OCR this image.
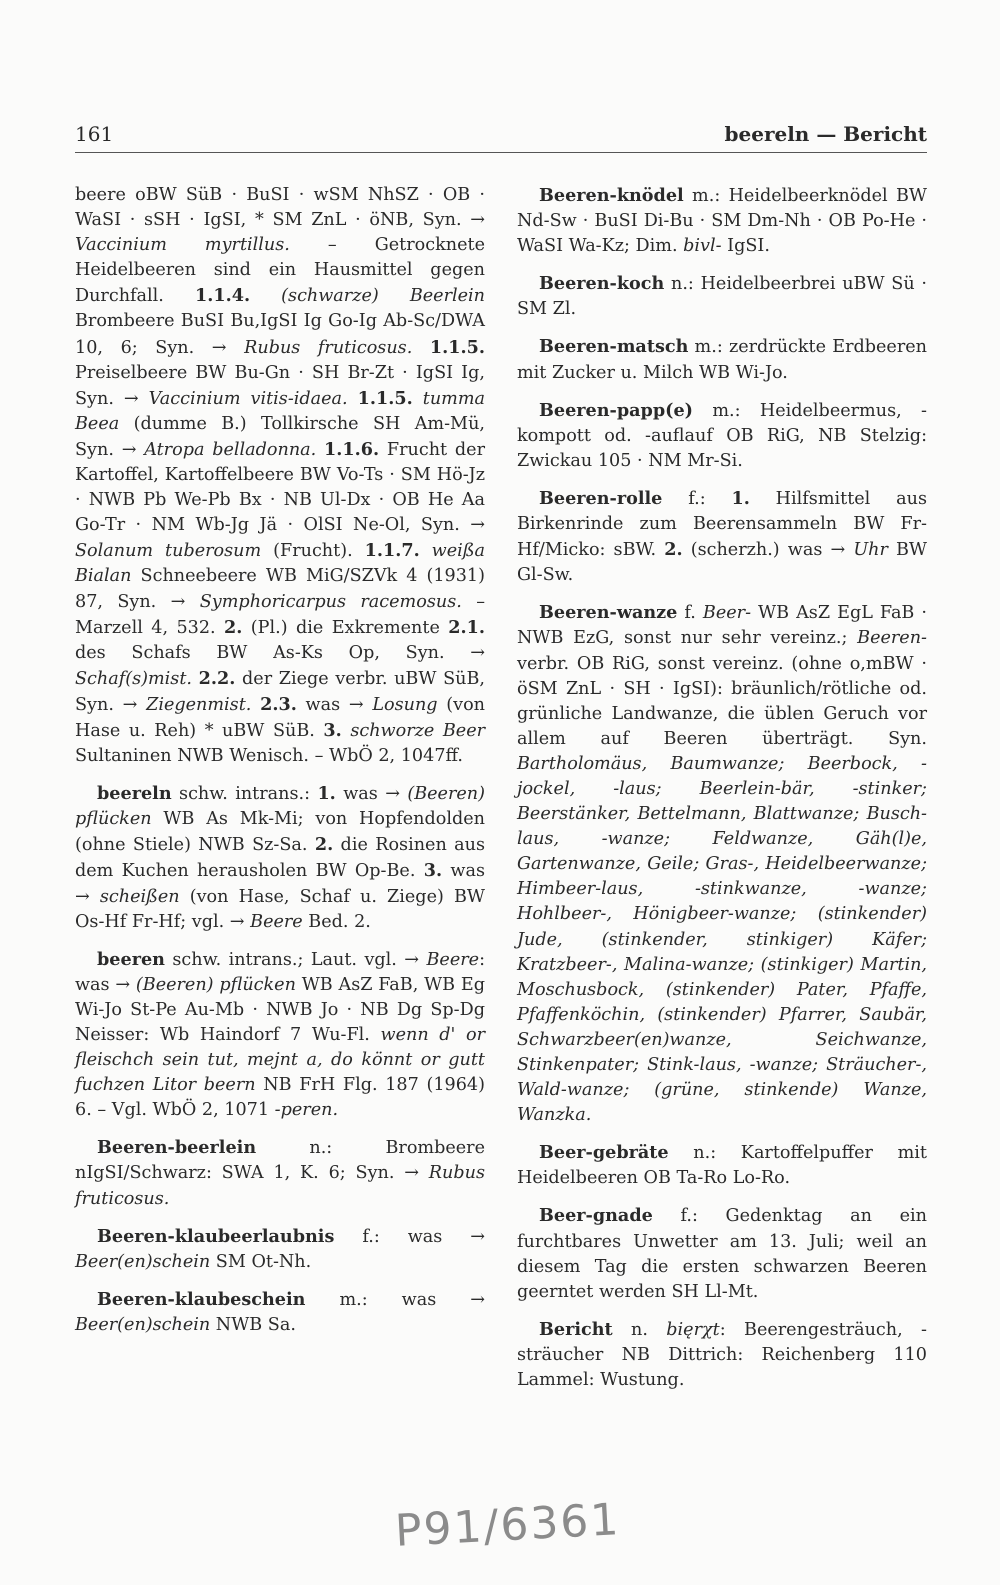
161	beereln — Bericht

beere oBW SüB · BuSI · wSM NhSZ · OB · WaSI · sSH · IgSI, * SM ZnL · öNB, Syn. → Vaccinium myrtillus. – Getrocknete Heidelbeeren sind ein Hausmittel gegen Durchfall. 1.1.4. (schwarze) Beerlein Brombeere BuSI Bu,IgSI Ig Go-Ig Ab-Sc/DWA 10, 6; Syn. → Rubus fruticosus. 1.1.5. Preiselbeere BW Bu-Gn · SH Br-Zt · IgSI Ig, Syn. → Vaccinium vitis-idaea. 1.1.5. tumma Beea (dumme B.) Tollkirsche SH Am-Mü, Syn. → Atropa belladonna. 1.1.6. Frucht der Kartoffel, Kartoffelbeere BW Vo-Ts · SM Hö-Jz · NWB Pb We-Pb Bx · NB Ul-Dx · OB He Aa Go-Tr · NM Wb-Jg Jä · OlSI Ne-Ol, Syn. → Solanum tuberosum (Frucht). 1.1.7. weißa Bialan Schneebeere WB MiG/SZVk 4 (1931) 87, Syn. → Symphoricarpus racemosus. – Marzell 4, 532. 2. (Pl.) die Exkremente 2.1. des Schafs BW As-Ks Op, Syn. → Schaf(s)mist. 2.2. der Ziege verbr. uBW SüB, Syn. → Ziegenmist. 2.3. was → Losung (von Hase u. Reh) * uBW SüB. 3. schworze Beer Sultaninen NWB Wenisch. – WbÖ 2, 1047ff.

beereln schw. intrans.: 1. was → (Beeren) pflücken WB As Mk-Mi; von Hopfendolden (ohne Stiele) NWB Sz-Sa. 2. die Rosinen aus dem Kuchen herausholen BW Op-Be. 3. was → scheißen (von Hase, Schaf u. Ziege) BW Os-Hf Fr-Hf; vgl. → Beere Bed. 2.

beeren schw. intrans.; Laut. vgl. → Beere: was → (Beeren) pflücken WB AsZ FaB, WB Eg Wi-Jo St-Pe Au-Mb · NWB Jo · NB Dg Sp-Dg Neisser: Wb Haindorf 7 Wu-Fl. wenn d' or fleischch sein tut, mejnt a, do könnt or gutt fuchzen Litor beern NB FrH Flg. 187 (1964) 6. – Vgl. WbÖ 2, 1071 -peren.

Beeren-beerlein n.: Brombeere nIgSI/Schwarz: SWA 1, K. 6; Syn. → Rubus fruticosus.

Beeren-klaubeerlaubnis f.: was → Beer(en)schein SM Ot-Nh.

Beeren-klaubeschein m.: was → Beer(en)schein NWB Sa.

Beeren-knödel m.: Heidelbeerknödel BW Nd-Sw · BuSI Di-Bu · SM Dm-Nh · OB Po-He · WaSI Wa-Kz; Dim. bivl- IgSI.

Beeren-koch n.: Heidelbeerbrei uBW Sü · SM Zl.

Beeren-matsch m.: zerdrückte Erdbeeren mit Zucker u. Milch WB Wi-Jo.

Beeren-papp(e) m.: Heidelbeermus, -kompott od. -auflauf OB RiG, NB Stelzig: Zwickau 105 · NM Mr-Si.

Beeren-rolle f.: 1. Hilfsmittel aus Birkenrinde zum Beerensammeln BW Fr-Hf/Micko: sBW. 2. (scherzh.) was → Uhr BW Gl-Sw.

Beeren-wanze f. Beer- WB AsZ EgL FaB · NWB EzG, sonst nur sehr vereinz.; Beeren- verbr. OB RiG, sonst vereinz. (ohne o,mBW · öSM ZnL · SH · IgSI): bräunlich/rötliche od. grünliche Landwanze, die üblen Geruch vor allem auf Beeren überträgt. Syn. Bartholomäus, Baumwanze; Beerbock, -jockel, -laus; Beerlein-bär, -stinker; Beerstänker, Bettelmann, Blattwanze; Busch-laus, -wanze; Feldwanze, Gäh(l)e, Gartenwanze, Geile; Gras-, Heidelbeerwanze; Himbeer-laus, -stinkwanze, -wanze; Hohlbeer-, Hönigbeer-wanze; (stinkender) Jude, (stinkender, stinkiger) Käfer; Kratzbeer-, Malina-wanze; (stinkiger) Martin, Moschusbock, (stinkender) Pater, Pfaffe, Pfaffenköchin, (stinkender) Pfarrer, Saubär, Schwarzbeer(en)wanze, Seichwanze, Stinkenpater; Stink-laus, -wanze; Sträucher-, Wald-wanze; (grüne, stinkende) Wanze, Wanzka.

Beer-gebräte n.: Kartoffelpuffer mit Heidelbeeren OB Ta-Ro Lo-Ro.

Beer-gnade f.: Gedenktag an ein furchtbares Unwetter am 13. Juli; weil an diesem Tag die ersten schwarzen Beeren geerntet werden SH Ll-Mt.

Bericht n. bięrχt: Beerengesträuch, -sträucher NB Dittrich: Reichenberg 110 Lammel: Wustung.

P91/6361
